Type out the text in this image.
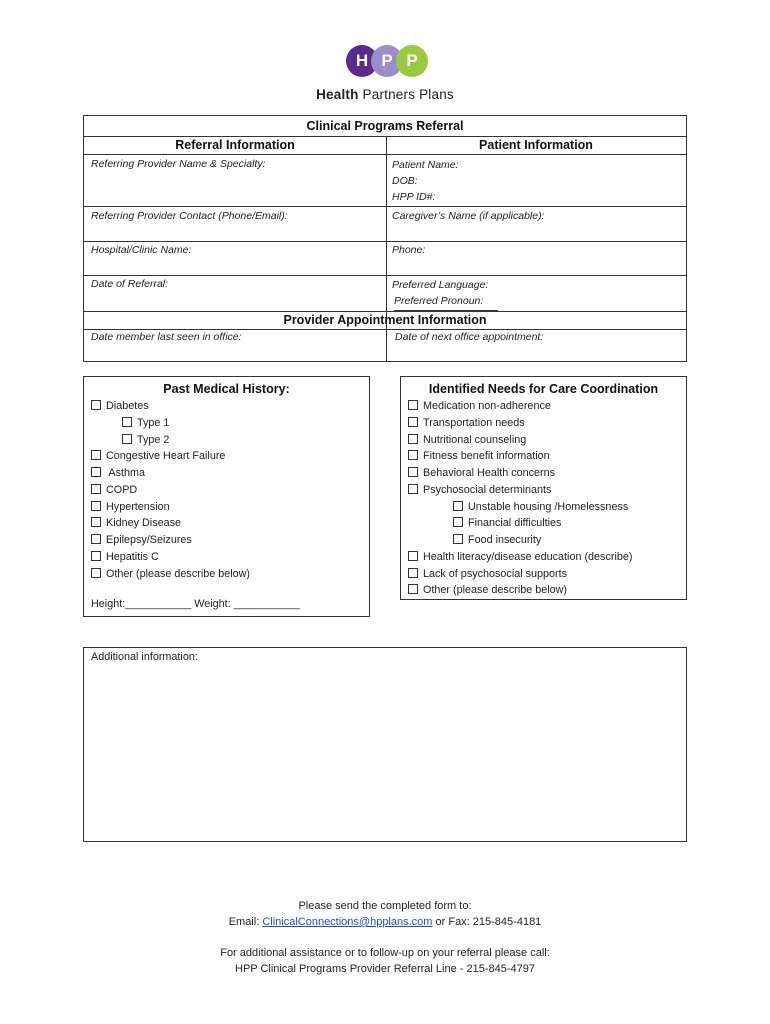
H P P
Health Partners Plans
Clinical Programs Referral
Referral Information	Patient Information
Referring Provider Name & Specialty:	Patient Name:
DOB:
HPP ID#:
Referring Provider Contact (Phone/Email):	Caregiver’s Name (if applicable):
Hospital/Clinic Name:	Phone:
Date of Referral:	Preferred Language:
Preferred Pronoun:
Provider Appointment Information
Date member last seen in office:	Date of next office appointment:
Past Medical History:
Diabetes
Type 1
Type 2
Congestive Heart Failure
Asthma
COPD
Hypertension
Kidney Disease
Epilepsy/Seizures
Hepatitis C
Other (please describe below)
Height:___________ Weight: ___________
Identified Needs for Care Coordination
Medication non-adherence
Transportation needs
Nutritional counseling
Fitness benefit information
Behavioral Health concerns
Psychosocial determinants
Unstable housing /Homelessness
Financial difficulties
Food insecurity
Health literacy/disease education (describe)
Lack of psychosocial supports
Other (please describe below)
Additional information:
Please send the completed form to:
Email: ClinicalConnections@hpplans.com or Fax: 215-845-4181
For additional assistance or to follow-up on your referral please call:
HPP Clinical Programs Provider Referral Line - 215-845-4797
